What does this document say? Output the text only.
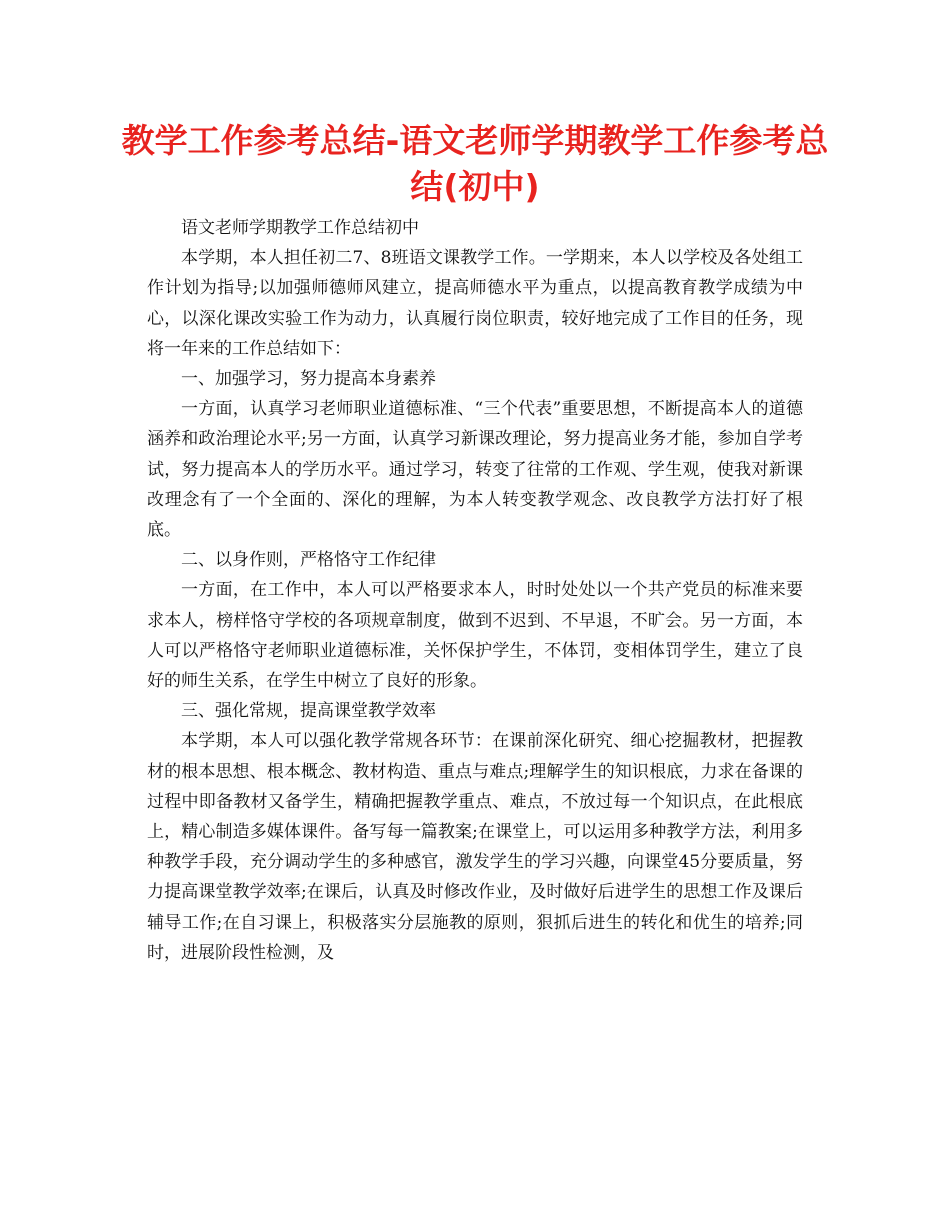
教学工作参考总结-语文老师学期教学工作参考总结(初中)

语文老师学期教学工作总结初中

本学期，本人担任初二7、8班语文课教学工作。一学期来，本人以学校及各处组工作计划为指导;以加强师德师风建立，提高师德水平为重点，以提高教育教学成绩为中心，以深化课改实验工作为动力，认真履行岗位职责，较好地完成了工作目的任务，现将一年来的工作总结如下：

一、加强学习，努力提高本身素养

一方面，认真学习老师职业道德标准、“三个代表”重要思想，不断提高本人的道德涵养和政治理论水平;另一方面，认真学习新课改理论，努力提高业务才能，参加自学考试，努力提高本人的学历水平。通过学习，转变了往常的工作观、学生观，使我对新课改理念有了一个全面的、深化的理解，为本人转变教学观念、改良教学方法打好了根底。

二、以身作则，严格恪守工作纪律

一方面，在工作中，本人可以严格要求本人，时时处处以一个共产党员的标准来要求本人，榜样恪守学校的各项规章制度，做到不迟到、不早退，不旷会。另一方面，本人可以严格恪守老师职业道德标准，关怀保护学生，不体罚，变相体罚学生，建立了良好的师生关系，在学生中树立了良好的形象。

三、强化常规，提高课堂教学效率

本学期，本人可以强化教学常规各环节：在课前深化研究、细心挖掘教材，把握教材的根本思想、根本概念、教材构造、重点与难点;理解学生的知识根底，力求在备课的过程中即备教材又备学生，精确把握教学重点、难点，不放过每一个知识点，在此根底上，精心制造多媒体课件。备写每一篇教案;在课堂上，可以运用多种教学方法，利用多种教学手段，充分调动学生的多种感官，激发学生的学习兴趣，向课堂45分要质量，努力提高课堂教学效率;在课后，认真及时修改作业，及时做好后进学生的思想工作及课后辅导工作;在自习课上，积极落实分层施教的原则，狠抓后进生的转化和优生的培养;同时，进展阶段性检测，及
